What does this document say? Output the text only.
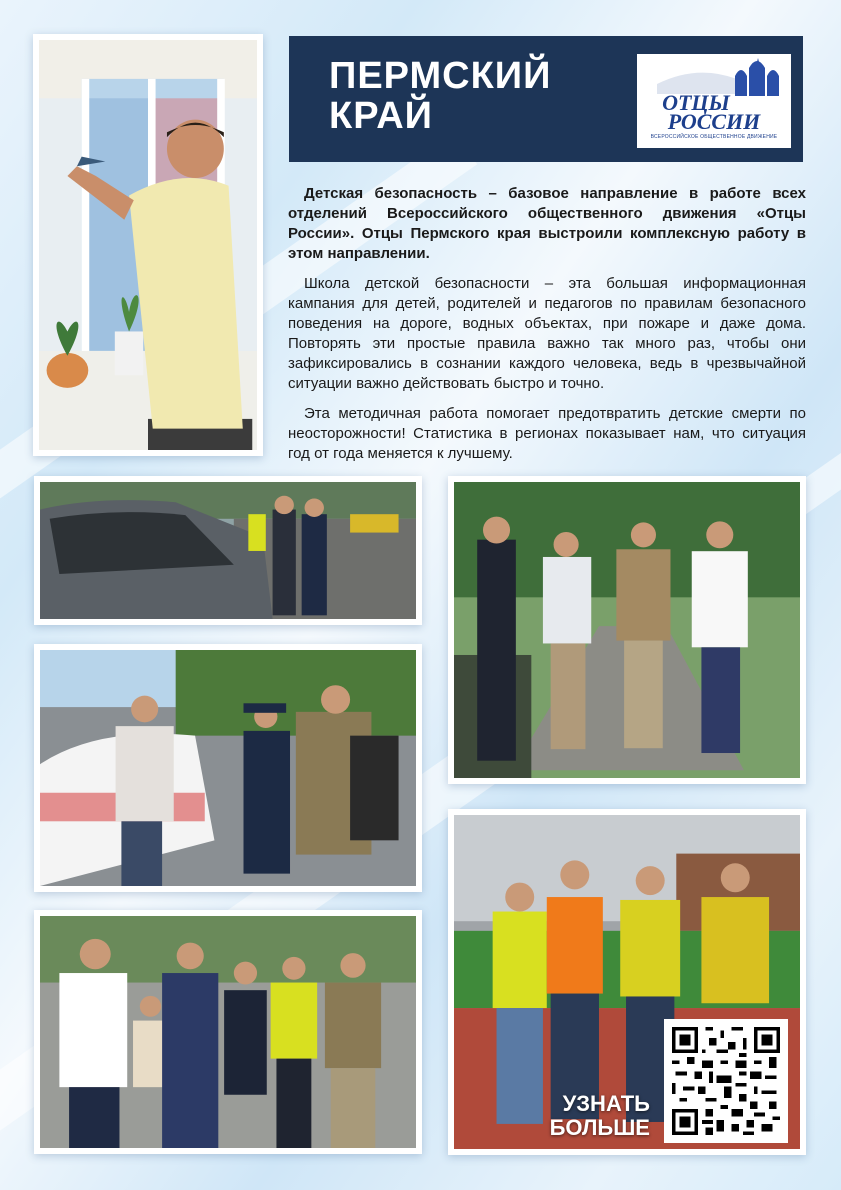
ПЕРМСКИЙ
КРАЙ	ОТЦЫ
РОССИИ
ВСЕРОССИЙСКОЕ ОБЩЕСТВЕННОЕ ДВИЖЕНИЕ

Детская безопасность – базовое направление в работе всех отделений Всероссийского общественного движения «Отцы России». Отцы Пермского края выстроили комплексную работу в этом направлении.

Школа детской безопасности – эта большая информационная кампания для детей, родителей и педагогов по правилам безопасного поведения на дороге, водных объектах, при пожаре и даже дома. Повторять эти простые правила важно так много раз, чтобы они зафиксировались в сознании каждого человека, ведь в чрезвычайной ситуации важно действовать быстро и точно.

Эта методичная работа помогает предотвратить детские смерти по неосторожности! Статистика в регионах показывает нам, что ситуация год от года меняется к лучшему.

УЗНАТЬ
БОЛЬШЕ
